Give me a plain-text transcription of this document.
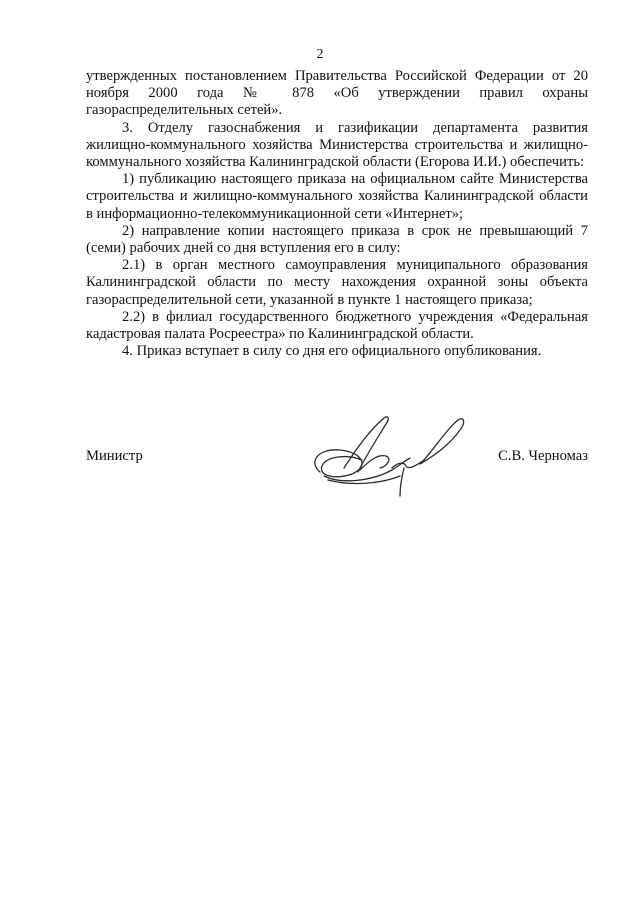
2

утвержденных постановлением Правительства Российской Федерации от 20 ноября 2000 года № 878 «Об утверждении правил охраны газораспределительных сетей».

3. Отделу газоснабжения и газификации департамента развития жилищно-коммунального хозяйства Министерства строительства и жилищно-коммунального хозяйства Калининградской области (Егорова И.И.) обеспечить:

1) публикацию настоящего приказа на официальном сайте Министерства строительства и жилищно-коммунального хозяйства Калининградской области в информационно-телекоммуникационной сети «Интернет»;

2) направление копии настоящего приказа в срок не превышающий 7 (семи) рабочих дней со дня вступления его в силу:

2.1) в орган местного самоуправления муниципального образования Калининградской области по месту нахождения охранной зоны объекта газораспределительной сети, указанной в пункте 1 настоящего приказа;

2.2) в филиал государственного бюджетного учреждения «Федеральная кадастровая палата Росреестра» по Калининградской области.

4. Приказ вступает в силу со дня его официального опубликования.

Министр	С.В. Черномаз
